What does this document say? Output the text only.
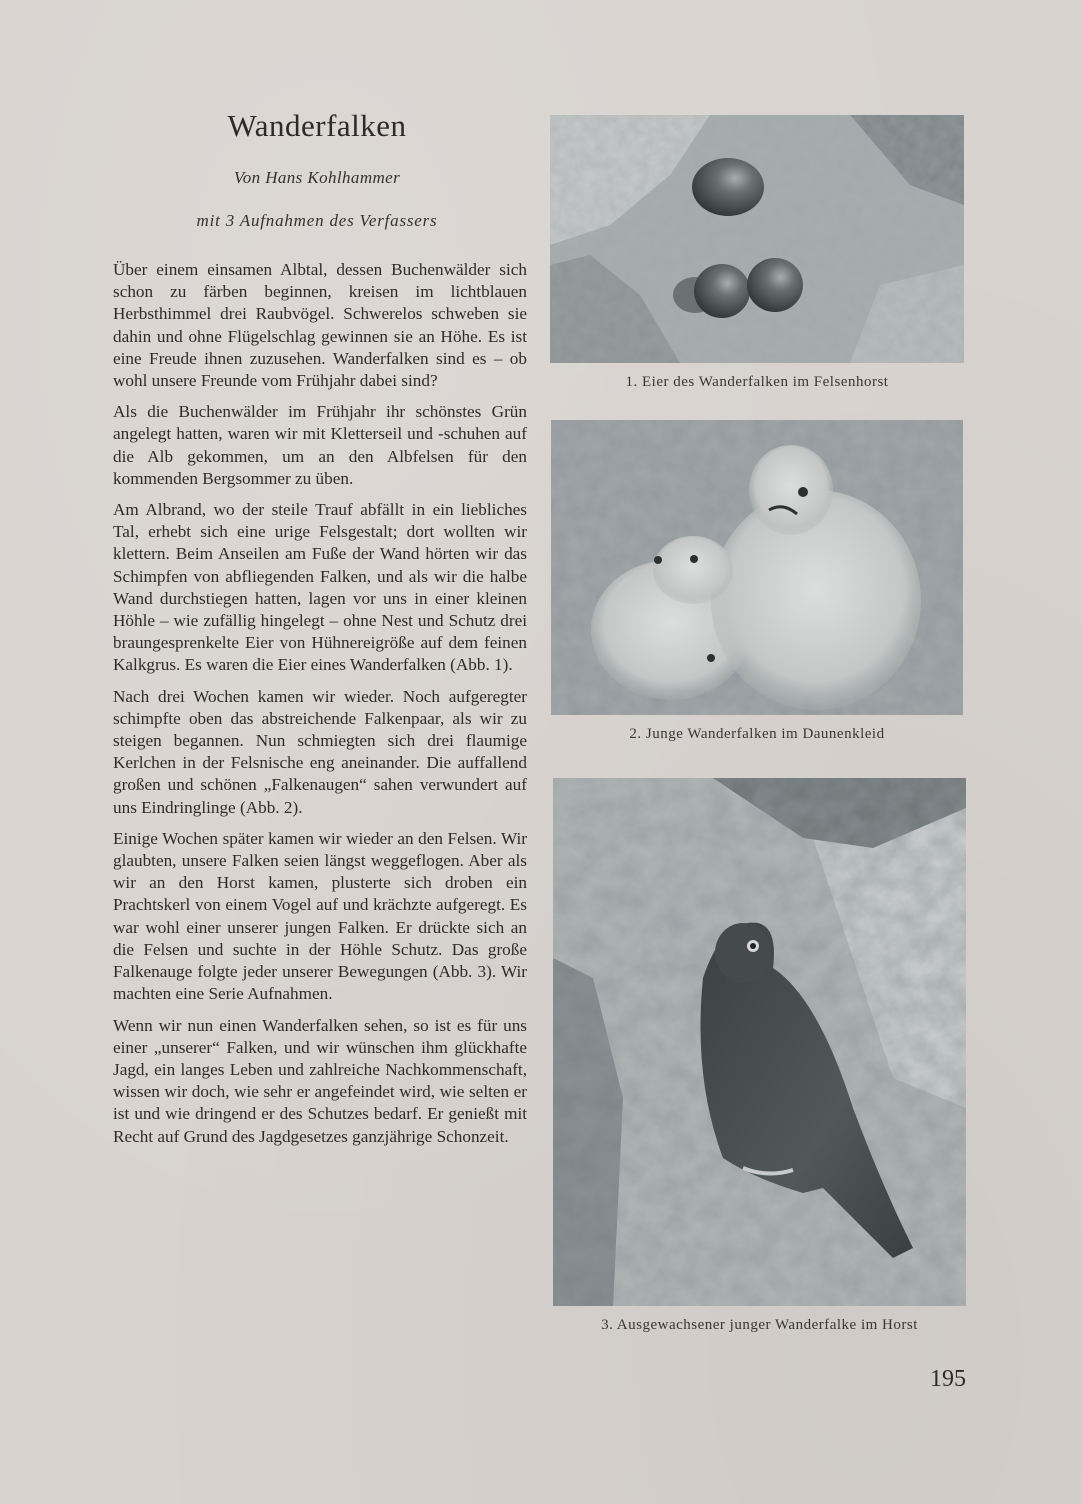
Wanderfalken
Von Hans Kohlhammer
mit 3 Aufnahmen des Verfassers

Über einem einsamen Albtal, dessen Buchenwälder sich schon zu färben beginnen, kreisen im lichtblauen Herbsthimmel drei Raubvögel. Schwerelos schweben sie dahin und ohne Flügelschlag gewinnen sie an Höhe. Es ist eine Freude ihnen zuzusehen. Wanderfalken sind es – ob wohl unsere Freunde vom Frühjahr dabei sind?

Als die Buchenwälder im Frühjahr ihr schönstes Grün angelegt hatten, waren wir mit Kletterseil und -schuhen auf die Alb gekommen, um an den Albfelsen für den kommenden Bergsommer zu üben.

Am Albrand, wo der steile Trauf abfällt in ein liebliches Tal, erhebt sich eine urige Felsgestalt; dort wollten wir klettern. Beim Anseilen am Fuße der Wand hörten wir das Schimpfen von abfliegenden Falken, und als wir die halbe Wand durchstiegen hatten, lagen vor uns in einer kleinen Höhle – wie zufällig hingelegt – ohne Nest und Schutz drei braungesprenkelte Eier von Hühnereigröße auf dem feinen Kalkgrus. Es waren die Eier eines Wanderfalken (Abb. 1).

Nach drei Wochen kamen wir wieder. Noch aufgeregter schimpfte oben das abstreichende Falkenpaar, als wir zu steigen begannen. Nun schmiegten sich drei flaumige Kerlchen in der Felsnische eng aneinander. Die auffallend großen und schönen „Falkenaugen“ sahen verwundert auf uns Eindringlinge (Abb. 2).

Einige Wochen später kamen wir wieder an den Felsen. Wir glaubten, unsere Falken seien längst weggeflogen. Aber als wir an den Horst kamen, plusterte sich droben ein Prachtskerl von einem Vogel auf und krächzte aufgeregt. Es war wohl einer unserer jungen Falken. Er drückte sich an die Felsen und suchte in der Höhle Schutz. Das große Falkenauge folgte jeder unserer Bewegungen (Abb. 3). Wir machten eine Serie Aufnahmen.

Wenn wir nun einen Wanderfalken sehen, so ist es für uns einer „unserer“ Falken, und wir wünschen ihm glückhafte Jagd, ein langes Leben und zahlreiche Nachkommenschaft, wissen wir doch, wie sehr er angefeindet wird, wie selten er ist und wie dringend er des Schutzes bedarf. Er genießt mit Recht auf Grund des Jagdgesetzes ganzjährige Schonzeit.

1. Eier des Wanderfalken im Felsenhorst
2. Junge Wanderfalken im Daunenkleid
3. Ausgewachsener junger Wanderfalke im Horst
195
